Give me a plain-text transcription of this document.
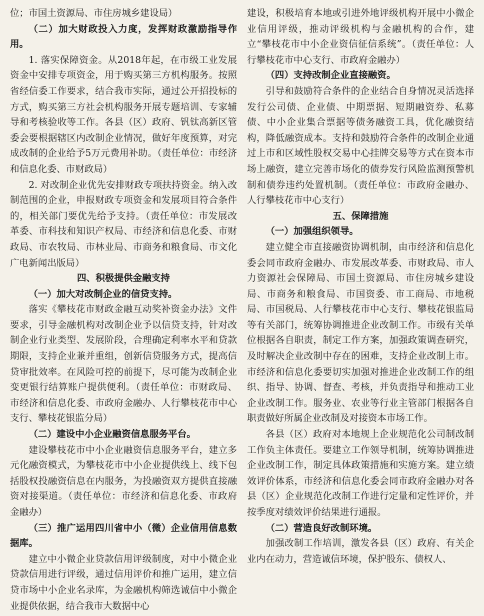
位；市国土资源局、市住房城乡建设局）

（二）加大财政投入力度，发挥财政激励指导作用。

1. 落实保障资金。从2018年起，在市级工业发展资金中安排专项资金，用于购买第三方机构服务。按照省经信委工作要求，结合我市实际，通过公开招投标的方式，购买第三方社会机构服务开展专题培训、专家辅导和考核验收等工作。各县（区）政府、钒钛高新区管委会要根据辖区内改制企业情况，做好年度预算，对完成改制的企业给予5万元费用补助。（责任单位：市经济和信息化委、市财政局）

2. 对改制企业优先安排财政专项扶持资金。纳入改制范围的企业，申报财政专项资金和发展项目符合条件的，相关部门要优先给予支持。（责任单位：市发展改革委、市科技和知识产权局、市经济和信息化委、市财政局、市农牧局、市林业局、市商务和粮食局、市文化广电新闻出版局）

四、积极提供金融支持

（一）加大对改制企业的信贷支持。

落实《攀枝花市财政金融互动奖补资金办法》文件要求，引导金融机构对改制企业予以信贷支持，针对改制企业行业类型、发展阶段，合理确定利率水平和贷款期限，支持企业兼并重组，创新信贷服务方式，提高信贷审批效率。在风险可控的前提下，尽可能为改制企业变更银行结算账户提供便利。（责任单位：市财政局、市经济和信息化委、市政府金融办、人行攀枝花市中心支行、攀枝花银监分局）

（二）建设中小企业融资信息服务平台。

建设攀枝花市中小企业融资信息服务平台，建立多元化融资模式，为攀枝花市中小企业提供线上、线下包括股权投融资信息在内服务，为投融资双方提供直接融资对接渠道。（责任单位：市经济和信息化委、市政府金融办）

（三）推广运用四川省中小（微）企业信用信息数据库。

建立中小微企业贷款信用评级制度，对中小微企业贷款信用进行评级，通过信用评价和推广运用，建立信贷市场中小企业名录库，为金融机构筛选诚信中小微企业提供依据，结合我市大数据中心

建设，积极培育本地或引进外地评级机构开展中小微企业信用评级，推动评级机构与金融机构的合作，建立“攀枝花市中小企业资信征信系统”。（责任单位：人行攀枝花市中心支行、市政府金融办）

（四）支持改制企业直接融资。

引导和鼓励符合条件的企业结合自身情况灵活选择发行公司债、企业债、中期票据、短期融资券、私募债、中小企业集合票据等债务融资工具，优化融资结构，降低融资成本。支持和鼓励符合条件的改制企业通过上市和区域性股权交易中心挂牌交易等方式在资本市场上融资，建立完善市场化的债券发行风险监测预警机制和债券违约处置机制。（责任单位：市政府金融办、人行攀枝花市中心支行）

五、保障措施

（一）加强组织领导。

建立健全市直接融资协调机制，由市经济和信息化委会同市政府金融办、市发展改革委、市财政局、市人力资源社会保障局、市国土资源局、市住房城乡建设局、市商务和粮食局、市国资委、市工商局、市地税局、市国税局、人行攀枝花市中心支行、攀枝花银监局等有关部门，统筹协调推进企业改制工作。市级有关单位根据各自职责，制定工作方案，加强政策调查研究，及时解决企业改制中存在的困难，支持企业改制上市。市经济和信息化委要切实加强对推进企业改制工作的组织、指导、协调、督查、考核，并负责指导和推动工业企业改制工作。服务业、农业等行业主管部门根据各自职责做好所属企业改制及对接资本市场工作。

各县（区）政府对本地规上企业规范化公司制改制工作负主体责任。要建立工作领导机制，统筹协调推进企业改制工作，制定具体政策措施和实施方案。建立绩效评价体系，市经济和信息化委会同市政府金融办对各县（区）企业规范化改制工作进行定量和定性评价，并按季度对绩效评价结果进行通报。

（二）营造良好改制环境。

加强改制工作培训，激发各县（区）政府、有关企业内在动力，营造诚信环境，保护股东、债权人、
